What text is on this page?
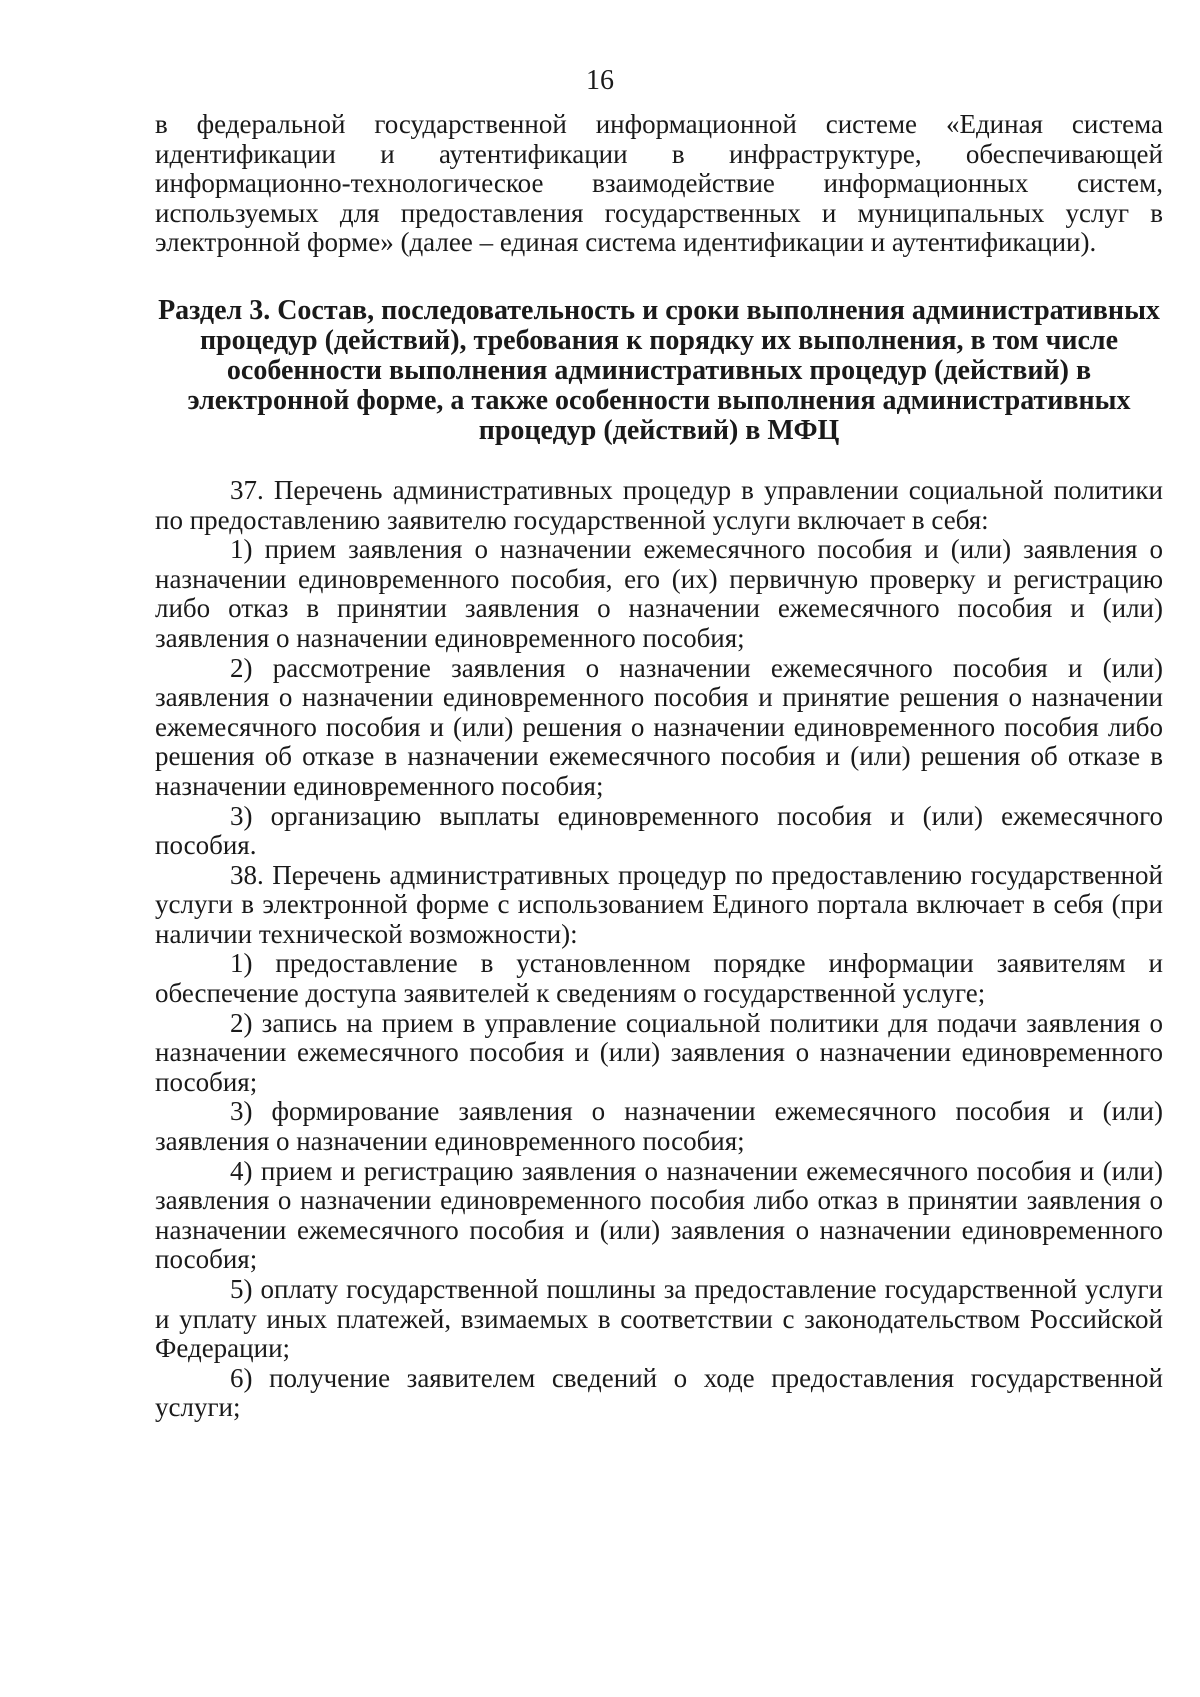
16

в федеральной государственной информационной системе «Единая система идентификации и аутентификации в инфраструктуре, обеспечивающей информационно-технологическое взаимодействие информационных систем, используемых для предоставления государственных и муниципальных услуг в электронной форме» (далее – единая система идентификации и аутентификации).

Раздел 3. Состав, последовательность и сроки выполнения административных процедур (действий), требования к порядку их выполнения, в том числе особенности выполнения административных процедур (действий) в электронной форме, а также особенности выполнения административных процедур (действий) в МФЦ

37. Перечень административных процедур в управлении социальной политики по предоставлению заявителю государственной услуги включает в себя:

1) прием заявления о назначении ежемесячного пособия и (или) заявления о назначении единовременного пособия, его (их) первичную проверку и регистрацию либо отказ в принятии заявления о назначении ежемесячного пособия и (или) заявления о назначении единовременного пособия;

2) рассмотрение заявления о назначении ежемесячного пособия и (или) заявления о назначении единовременного пособия и принятие решения о назначении ежемесячного пособия и (или) решения о назначении единовременного пособия либо решения об отказе в назначении ежемесячного пособия и (или) решения об отказе в назначении единовременного пособия;

3) организацию выплаты единовременного пособия и (или) ежемесячного пособия.

38. Перечень административных процедур по предоставлению государственной услуги в электронной форме с использованием Единого портала включает в себя (при наличии технической возможности):

1) предоставление в установленном порядке информации заявителям и обеспечение доступа заявителей к сведениям о государственной услуге;

2) запись на прием в управление социальной политики для подачи заявления о назначении ежемесячного пособия и (или) заявления о назначении единовременного пособия;

3) формирование заявления о назначении ежемесячного пособия и (или) заявления о назначении единовременного пособия;

4) прием и регистрацию заявления о назначении ежемесячного пособия и (или) заявления о назначении единовременного пособия либо отказ в принятии заявления о назначении ежемесячного пособия и (или) заявления о назначении единовременного пособия;

5) оплату государственной пошлины за предоставление государственной услуги и уплату иных платежей, взимаемых в соответствии с законодательством Российской Федерации;

6) получение заявителем сведений о ходе предоставления государственной услуги;
